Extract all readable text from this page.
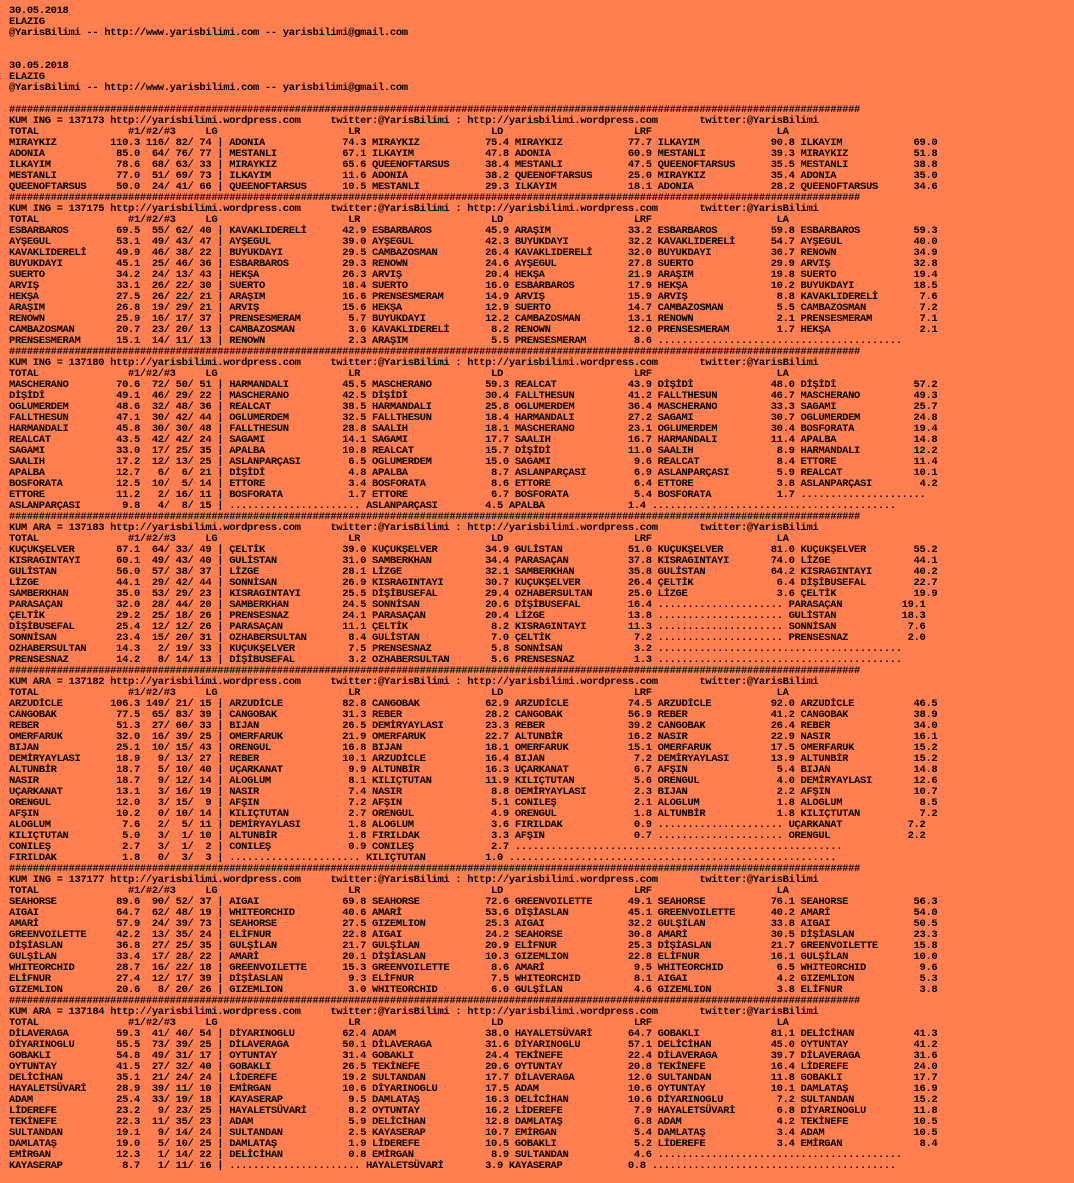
30.05.2018
ELAZIG
@YarisBilimi -- http://www.yarisbilimi.com -- yarisbilimi@gmail.com
30.05.2018
ELAZIG
@YarisBilimi -- http://www.yarisbilimi.com -- yarisbilimi@gmail.com
###############################################################################################################################################
KUM ING = 137173 http://yarisbilimi.wordpress.com     twitter:@YarisBilimi : http://yarisbilimi.wordpress.com       twitter:@YarisBilimi
TOTAL               #1/#2/#3     LG                      LR                      LD                      LRF                     LA
MIRAYKIZ         110.3 116/ 82/ 74 | ADONIA             74.3 MIRAYKIZ           75.4 MIRAYKIZ           77.7 ILKAYIM            90.8 ILKAYIM            69.0
ADONIA            85.0  64/ 76/ 77 | MESTANLI           67.1 ILKAYIM            47.8 ADONIA             60.9 MESTANLI           39.3 MIRAYKIZ           51.8
ILKAYIM           78.6  68/ 63/ 33 | MIRAYKIZ           65.6 QUEENOFTARSUS      38.4 MESTANLI           47.5 QUEENOFTARSUS      35.5 MESTANLI           38.8
MESTANLI          77.0  51/ 69/ 73 | ILKAYIM            11.6 ADONIA             38.2 QUEENOFTARSUS      25.0 MIRAYKIZ           35.4 ADONIA             35.0
QUEENOFTARSUS     50.0  24/ 41/ 66 | QUEENOFTARSUS      10.5 MESTANLI           29.3 ILKAYIM            18.1 ADONIA             28.2 QUEENOFTARSUS      34.6
###############################################################################################################################################
KUM ING = 137175 http://yarisbilimi.wordpress.com     twitter:@YarisBilimi : http://yarisbilimi.wordpress.com       twitter:@YarisBilimi
TOTAL               #1/#2/#3     LG                      LR                      LD                      LRF                     LA
ESBARBAROS        69.5  55/ 62/ 40 | KAVAKLIDERELİ      42.9 ESBARBAROS         45.9 ARAŞIM             33.2 ESBARBAROS         59.8 ESBARBAROS         59.3
AYŞEGUL           53.1  49/ 43/ 47 | AYŞEGUL            39.0 AYŞEGUL            42.3 BUYUKDAYI          32.2 KAVAKLIDERELİ      54.7 AYŞEGUL            40.0
KAVAKLIDERELİ     49.9  46/ 38/ 22 | BUYUKDAYI          29.5 CAMBAZOSMAN        26.4 KAVAKLIDERELİ      32.0 BUYUKDAYI          36.7 RENOWN             34.9
BUYUKDAYI         45.1  25/ 46/ 36 | ESBARBAROS         29.3 RENOWN             24.6 AYŞEGUL            27.8 SUERTO             29.9 ARVIŞ              32.8
SUERTO            34.2  24/ 13/ 43 | HEKŞA              26.3 ARVIŞ              20.4 HEKŞA              21.9 ARAŞIM             19.8 SUERTO             19.4
ARVIŞ             33.1  26/ 22/ 30 | SUERTO             18.4 SUERTO             16.0 ESBARBAROS         17.9 HEKŞA              10.2 BUYUKDAYI          18.5
HEKŞA             27.5  26/ 22/ 21 | ARAŞIM             16.6 PRENSESMERAM       14.9 ARVIŞ              15.9 ARVIŞ               8.8 KAVAKLIDERELİ       7.6
ARAŞIM            26.8  19/ 29/ 21 | ARVIŞ              15.6 HEKŞA              12.9 SUERTO             14.7 CAMBAZOSMAN         5.5 CAMBAZOSMAN         7.2
RENOWN            25.9  16/ 17/ 37 | PRENSESMERAM        5.7 BUYUKDAYI          12.2 CAMBAZOSMAN        13.1 RENOWN              2.1 PRENSESMERAM        7.1
CAMBAZOSMAN       20.7  23/ 20/ 13 | CAMBAZOSMAN         3.6 KAVAKLIDERELİ       8.2 RENOWN             12.0 PRENSESMERAM        1.7 HEKŞA               2.1
PRENSESMERAM      15.1  14/ 11/ 13 | RENOWN              2.3 ARAŞIM              5.5 PRENSESMERAM        8.6 .........................................
###############################################################################################################################################
KUM ING = 137180 http://yarisbilimi.wordpress.com     twitter:@YarisBilimi : http://yarisbilimi.wordpress.com       twitter:@YarisBilimi
TOTAL               #1/#2/#3     LG                      LR                      LD                      LRF                     LA
MASCHERANO        70.6  72/ 50/ 51 | HARMANDALI         45.5 MASCHERANO         59.3 REALCAT            43.9 DİŞİDİ             48.0 DİŞİDİ             57.2
DİŞİDİ            49.1  46/ 29/ 22 | MASCHERANO         42.5 DİŞİDİ             30.4 FALLTHESUN         41.2 FALLTHESUN         46.7 MASCHERANO         49.3
OGLUMERDEM        48.6  32/ 48/ 36 | REALCAT            38.5 HARMANDALI         25.8 OGLUMERDEM         36.4 MASCHERANO         33.3 SAGAMI             25.7
FALLTHESUN        47.1  30/ 42/ 44 | OGLUMERDEM         32.5 FALLTHESUN         18.4 HARMANDALI         27.2 SAGAMI             30.7 OGLUMERDEM         24.8
HARMANDALI        45.8  30/ 30/ 48 | FALLTHESUN         28.8 SAALIH             18.1 MASCHERANO         23.1 OGLUMERDEM         30.4 BOSFORATA          19.4
REALCAT           43.5  42/ 42/ 24 | SAGAMI             14.1 SAGAMI             17.7 SAALIH             16.7 HARMANDALI         11.4 APALBA             14.8
SAGAMI            33.0  17/ 25/ 35 | APALBA             10.8 REALCAT            15.7 DİŞİDİ             11.0 SAALIH              8.9 HARMANDALI         12.2
SAALIH            17.2  12/ 13/ 25 | ASLANPARÇASI        6.5 OGLUMERDEM         15.0 SAGAMI              9.6 REALCAT             8.4 ETTORE             11.4
APALBA            12.7   6/  6/ 21 | DİŞİDİ              4.8 APALBA              8.7 ASLANPARÇASI        6.9 ASLANPARÇASI        5.9 REALCAT            10.1
BOSFORATA         12.5  10/  5/ 14 | ETTORE              3.4 BOSFORATA           8.6 ETTORE              6.4 ETTORE              3.8 ASLANPARÇASI        4.2
ETTORE            11.2   2/ 16/ 11 | BOSFORATA           1.7 ETTORE              6.7 BOSFORATA           5.4 BOSFORATA           1.7 .....................
ASLANPARÇASI       9.8   4/  8/ 15 | ...................... ASLANPARÇASI        4.5 APALBA              1.4 .........................................
###############################################################################################################################################
KUM ARA = 137183 http://yarisbilimi.wordpress.com     twitter:@YarisBilimi : http://yarisbilimi.wordpress.com       twitter:@YarisBilimi
TOTAL               #1/#2/#3     LG                      LR                      LD                      LRF                     LA
KUÇUKŞELVER       67.1  64/ 33/ 49 | ÇELTİK             39.0 KUÇUKŞELVER        34.9 GULİSTAN           51.0 KUÇUKŞELVER        81.0 KUÇUKŞELVER        55.2
KISRAGINTAYI      60.1  49/ 43/ 40 | GULİSTAN           31.0 SAMBERKHAN         34.4 PARASAÇAN          37.8 KISRAGINTAYI       74.0 LİZGE              44.1
GULİSTAN          56.0  57/ 38/ 37 | LİZGE              28.1 LİZGE              32.1 SAMBERKHAN         35.8 GULİSTAN           64.2 KISRAGINTAYI       40.2
LİZGE             44.1  29/ 42/ 44 | SONNİSAN           26.9 KISRAGINTAYI       30.7 KUÇUKŞELVER        26.4 ÇELTİK              6.4 DİŞİBUSEFAL        22.7
SAMBERKHAN        35.0  53/ 29/ 23 | KISRAGINTAYI       25.5 DİŞİBUSEFAL        29.4 OZHABERSULTAN      25.0 LİZGE               3.6 ÇELTİK             19.9
PARASAÇAN         32.0  28/ 44/ 20 | SAMBERKHAN         24.5 SONNİSAN           20.6 DİŞİBUSEFAL        16.4 ..................... PARASAÇAN          19.1
ÇELTİK            29.2  25/ 18/ 26 | PRENSESNAZ         24.1 PARASAÇAN          20.4 LİZGE              13.8 ..................... GULİSTAN           18.3
DİŞİBUSEFAL       25.4  12/ 12/ 26 | PARASAÇAN          11.1 ÇELTİK              8.2 KISRAGINTAYI       11.3 ..................... SONNİSAN            7.6
SONNİSAN          23.4  15/ 20/ 31 | OZHABERSULTAN       8.4 GULİSTAN            7.0 ÇELTİK              7.2 ..................... PRENSESNAZ          2.0
OZHABERSULTAN     14.3   2/ 19/ 33 | KUÇUKŞELVER         7.5 PRENSESNAZ          5.8 SONNİSAN            3.2 .........................................
PRENSESNAZ        14.2   8/ 14/ 13 | DİŞİBUSEFAL         3.2 OZHABERSULTAN       5.6 PRENSESNAZ          1.3 .........................................
###############################################################################################################################################
KUM ARA = 137182 http://yarisbilimi.wordpress.com     twitter:@YarisBilimi : http://yarisbilimi.wordpress.com       twitter:@YarisBilimi
TOTAL               #1/#2/#3     LG                      LR                      LD                      LRF                     LA
ARZUDİCLE        106.3 149/ 21/ 15 | ARZUDİCLE          82.8 CANGOBAK           62.9 ARZUDİCLE          74.5 ARZUDİCLE          92.0 ARZUDİCLE          46.5
CANGOBAK          77.5  65/ 83/ 39 | CANGOBAK           31.3 REBER              28.2 CANGOBAK           56.9 REBER              41.2 CANGOBAK           38.9
REBER             51.3  27/ 60/ 33 | BIJAN              26.5 DEMİRYAYLASI       23.3 REBER              39.2 CANGOBAK           26.4 REBER              34.0
OMERFARUK         32.0  16/ 39/ 25 | OMERFARUK          21.9 OMERFARUK          22.7 ALTUNBİR           16.2 NASIR              22.9 NASIR              16.1
BIJAN             25.1  10/ 15/ 43 | ORENGUL            16.8 BIJAN              18.1 OMERFARUK          15.1 OMERFARUK          17.5 OMERFARUK          15.2
DEMİRYAYLASI      18.9   9/ 13/ 27 | REBER              10.1 ARZUDİCLE          16.4 BIJAN               7.2 DEMİRYAYLASI       13.9 ALTUNBİR           15.2
ALTUNBİR          18.7   5/ 10/ 40 | UÇARKANAT           9.9 ALTUNBİR           16.3 UÇARKANAT           6.7 AFŞIN               5.4 BIJAN              14.8
NASIR             18.7   9/ 12/ 14 | ALOGLUM             8.1 KILIÇTUTAN         11.9 KILIÇTUTAN          5.6 ORENGUL             4.0 DEMİRYAYLASI       12.6
UÇARKANAT         13.1   3/ 16/ 19 | NASIR               7.4 NASIR               8.8 DEMİRYAYLASI        2.3 BIJAN               2.2 AFŞIN              10.7
ORENGUL           12.0   3/ 15/  9 | AFŞIN               7.2 AFŞIN               5.1 CONILEŞ             2.1 ALOGLUM             1.8 ALOGLUM             8.5
AFŞIN             10.2   0/ 10/ 14 | KILIÇTUTAN          2.7 ORENGUL             4.9 ORENGUL             1.8 ALTUNBİR            1.8 KILIÇTUTAN          7.2
ALOGLUM            7.6   2/  5/ 11 | DEMİRYAYLASI        1.8 ALOGLUM             3.6 FIRILDAK            0.9 ..................... UÇARKANAT           7.2
KILIÇTUTAN         5.0   3/  1/ 10 | ALTUNBİR            1.8 FIRILDAK            3.3 AFŞIN               0.7 ..................... ORENGUL             2.2
CONILEŞ            2.7   3/  1/  2 | CONILEŞ             0.9 CONILEŞ             2.7 .......................................................
FIRILDAK           1.8   0/  3/  3 | ...................... KILIÇTUTAN          1.0 .......................................................
###############################################################################################################################################
KUM ING = 137177 http://yarisbilimi.wordpress.com     twitter:@YarisBilimi : http://yarisbilimi.wordpress.com       twitter:@YarisBilimi
TOTAL               #1/#2/#3     LG                      LR                      LD                      LRF                     LA
SEAHORSE          89.6  90/ 52/ 37 | AIGAI              69.8 SEAHORSE           72.6 GREENVOILETTE      49.1 SEAHORSE           76.1 SEAHORSE           56.3
AIGAI             64.7  62/ 48/ 19 | WHITEORCHID        40.6 AMARİ              53.6 DİŞİASLAN          45.1 GREENVOILETTE      40.2 AMARİ              54.0
AMARİ             57.9  24/ 39/ 73 | SEAHORSE           27.5 GIZEMLION          25.3 AIGAI              32.2 GULŞİLAN           33.8 AIGAI              50.5
GREENVOILETTE     42.2  13/ 35/ 24 | ELİFNUR            22.8 AIGAI              24.2 SEAHORSE           30.8 AMARİ              30.5 DİŞİASLAN          23.3
DİŞİASLAN         36.8  27/ 25/ 35 | GULŞİLAN           21.7 GULŞİLAN           20.9 ELİFNUR            25.3 DİŞİASLAN          21.7 GREENVOILETTE      15.8
GULŞİLAN          33.4  17/ 28/ 22 | AMARİ              20.1 DİŞİASLAN          10.3 GIZEMLION          22.8 ELİFNUR            16.1 GULŞİLAN           10.0
WHITEORCHID       28.7  16/ 22/ 18 | GREENVOILETTE      15.3 GREENVOILETTE       8.6 AMARİ               9.5 WHITEORCHID         6.5 WHITEORCHID         9.6
ELİFNUR           27.4  12/ 17/ 39 | DİŞİASLAN           9.3 ELİFNUR             7.5 WHITEORCHID         8.1 AIGAI               4.2 GIZEMLION           5.3
GIZEMLION         20.6   8/ 20/ 26 | GIZEMLION           3.0 WHITEORCHID         6.0 GULŞİLAN            4.6 GIZEMLION           3.8 ELİFNUR             3.8
###############################################################################################################################################
KUM ARA = 137184 http://yarisbilimi.wordpress.com     twitter:@YarisBilimi : http://yarisbilimi.wordpress.com       twitter:@YarisBilimi
TOTAL               #1/#2/#3     LG                      LR                      LD                      LRF                     LA
DİLAVERAGA        59.3  41/ 40/ 54 | DİYARINOGLU        62.4 ADAM               38.0 HAYALETSÜVARİ      64.7 GOBAKLI            81.1 DELİCİHAN          41.3
DİYARINOGLU       55.5  73/ 39/ 25 | DİLAVERAGA         50.1 DİLAVERAGA         31.6 DİYARINOGLU        57.1 DELİCİHAN          45.0 OYTUNTAY           41.2
GOBAKLI           54.8  49/ 31/ 17 | OYTUNTAY           31.4 GOBAKLI            24.4 TEKİNEFE           22.4 DİLAVERAGA         39.7 DİLAVERAGA         31.6
OYTUNTAY          41.5  27/ 32/ 40 | GOBAKLI            26.5 TEKİNEFE           20.6 OYTUNTAY           20.8 TEKİNEFE           16.4 LİDEREFE           24.0
DELİCİHAN         35.1  21/ 24/ 24 | LİDEREFE           19.2 SULTANDAN          17.7 DİLAVERAGA         12.0 SULTANDAN          11.8 GOBAKLI            17.7
HAYALETSÜVARİ     28.9  39/ 11/ 10 | EMİRGAN            10.6 DİYARINOGLU        17.5 ADAM               10.6 OYTUNTAY           10.1 DAMLATAŞ           16.9
ADAM              25.4  33/ 19/ 18 | KAYASERAP           9.5 DAMLATAŞ           16.3 DELİCİHAN          10.6 DİYARINOGLU         7.2 SULTANDAN          15.2
LİDEREFE          23.2   9/ 23/ 25 | HAYALETSÜVARİ       8.2 OYTUNTAY           16.2 LİDEREFE            7.9 HAYALETSÜVARİ       6.8 DİYARINOGLU        11.8
TEKİNEFE          22.3  11/ 35/ 23 | ADAM                5.9 DELİCİHAN          12.8 DAMLATAŞ            6.8 ADAM                4.2 TEKİNEFE           10.5
SULTANDAN         19.1   9/ 14/ 24 | SULTANDAN           2.5 KAYASERAP          10.7 EMİRGAN             5.4 DAMLATAŞ            3.4 ADAM               10.5
DAMLATAŞ          19.0   5/ 10/ 25 | DAMLATAŞ            1.9 LİDEREFE           10.5 GOBAKLI             5.2 LİDEREFE            3.4 EMİRGAN             8.4
EMİRGAN           12.3   1/ 14/ 22 | DELİCİHAN           0.8 EMİRGAN             8.9 SULTANDAN           4.6 .........................................
KAYASERAP          8.7   1/ 11/ 16 | ...................... HAYALETSÜVARİ       3.9 KAYASERAP           0.8 .........................................
